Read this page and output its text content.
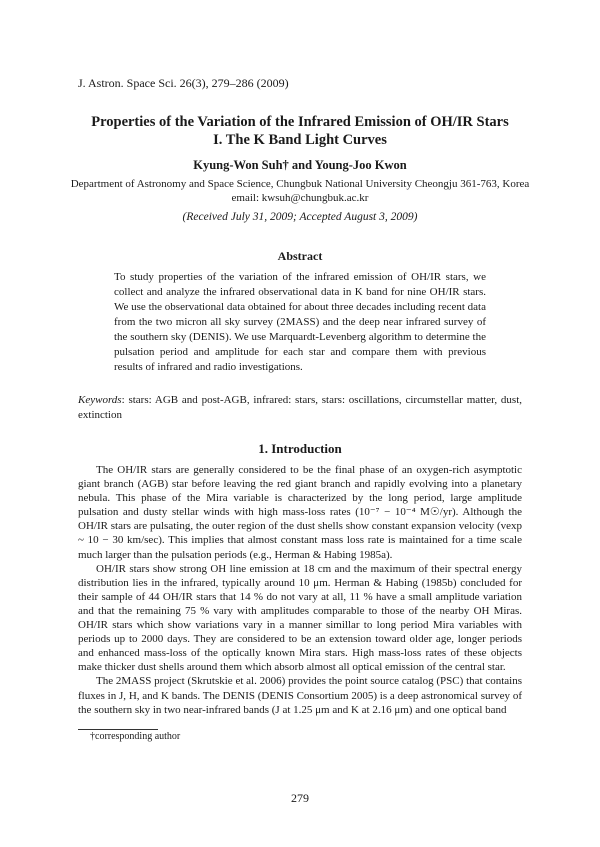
J. Astron. Space Sci. 26(3), 279–286 (2009)
Properties of the Variation of the Infrared Emission of OH/IR Stars
I. The K Band Light Curves
Kyung-Won Suh† and Young-Joo Kwon
Department of Astronomy and Space Science, Chungbuk National University Cheongju 361-763, Korea
email: kwsuh@chungbuk.ac.kr
(Received July 31, 2009; Accepted August 3, 2009)
Abstract
To study properties of the variation of the infrared emission of OH/IR stars, we collect and analyze the infrared observational data in K band for nine OH/IR stars. We use the observational data obtained for about three decades including recent data from the two micron all sky survey (2MASS) and the deep near infrared survey of the southern sky (DENIS). We use Marquardt-Levenberg algorithm to determine the pulsation period and amplitude for each star and compare them with previous results of infrared and radio investigations.
Keywords: stars: AGB and post-AGB, infrared: stars, stars: oscillations, circumstellar matter, dust, extinction
1. Introduction

The OH/IR stars are generally considered to be the final phase of an oxygen-rich asymptotic giant branch (AGB) star before leaving the red giant branch and rapidly evolving into a planetary nebula. This phase of the Mira variable is characterized by the long period, large amplitude pulsation and dusty stellar winds with high mass-loss rates (10⁻⁷ − 10⁻⁴ M☉/yr). Although the OH/IR stars are pulsating, the outer region of the dust shells show constant expansion velocity (vexp ~ 10 − 30 km/sec). This implies that almost constant mass loss rate is maintained for a time scale much larger than the pulsation periods (e.g., Herman & Habing 1985a).

OH/IR stars show strong OH line emission at 18 cm and the maximum of their spectral energy distribution lies in the infrared, typically around 10 μm. Herman & Habing (1985b) concluded for their sample of 44 OH/IR stars that 14 % do not vary at all, 11 % have a small amplitude variation and that the remaining 75 % vary with amplitudes comparable to those of the nearby OH Miras. OH/IR stars which show variations vary in a manner simillar to long period Mira variables with periods up to 2000 days. They are considered to be an extension toward older age, longer periods and enhanced mass-loss of the optically known Mira stars. High mass-loss rates of these objects make thicker dust shells around them which absorb almost all optical emission of the central star.

The 2MASS project (Skrutskie et al. 2006) provides the point source catalog (PSC) that contains fluxes in J, H, and K bands. The DENIS (DENIS Consortium 2005) is a deep astronomical survey of the southern sky in two near-infrared bands (J at 1.25 μm and K at 2.16 μm) and one optical band

†corresponding author
279
